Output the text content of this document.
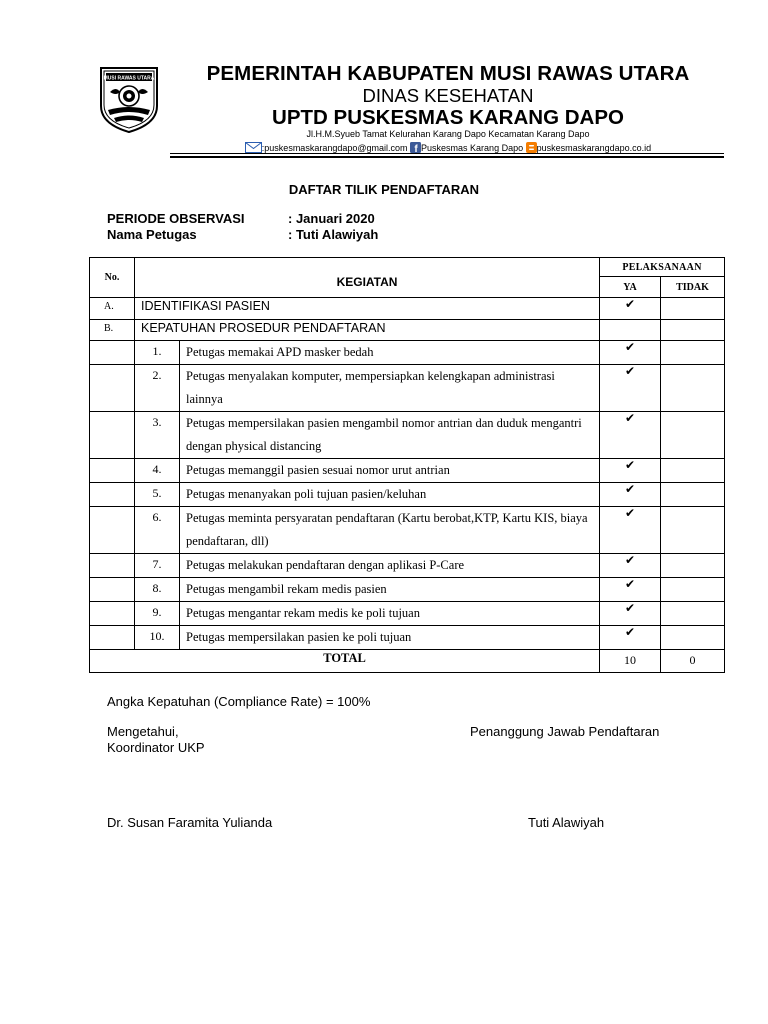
MUSI RAWAS UTARA	PEMERINTAH KABUPATEN MUSI RAWAS UTARA
DINAS KESEHATAN
UPTD PUSKESMAS KARANG DAPO
Jl.H.M.Syueb Tamat Kelurahan Karang Dapo Kecamatan Karang Dapo
:puskesmaskarangdapo@gmail.com f Puskesmas Karang Dapo puskesmaskarangdapo.co.id
DAFTAR TILIK PENDAFTARAN
PERIODE OBSERVASI	: Januari 2020
Nama Petugas	: Tuti Alawiyah
No.	KEGIATAN		PELAKSANAAN	
			YA	TIDAK
A.	IDENTIFIKASI PASIEN		✔	
B.	KEPATUHAN PROSEDUR PENDAFTARAN			
	1.	Petugas memakai APD masker bedah	✔	
	2.	Petugas menyalakan komputer, mempersiapkan kelengkapan administrasi lainnya	✔	
	3.	Petugas mempersilakan pasien mengambil nomor antrian dan duduk mengantri dengan physical distancing	✔	
	4.	Petugas memanggil pasien sesuai nomor urut antrian	✔	
	5.	Petugas menanyakan poli tujuan pasien/keluhan	✔	
	6.	Petugas meminta persyaratan pendaftaran (Kartu berobat,KTP, Kartu KIS, biaya pendaftaran, dll)	✔	
	7.	Petugas melakukan pendaftaran dengan aplikasi P-Care	✔	
	8.	Petugas mengambil rekam medis pasien	✔	
	9.	Petugas mengantar rekam medis ke poli tujuan	✔	
	10.	Petugas mempersilakan pasien ke poli tujuan	✔	
TOTAL			10	0
Angka Kepatuhan (Compliance Rate) = 100%
Mengetahui,
Koordinator UKP
Penanggung Jawab Pendaftaran
Dr. Susan Faramita Yulianda	Tuti Alawiyah
